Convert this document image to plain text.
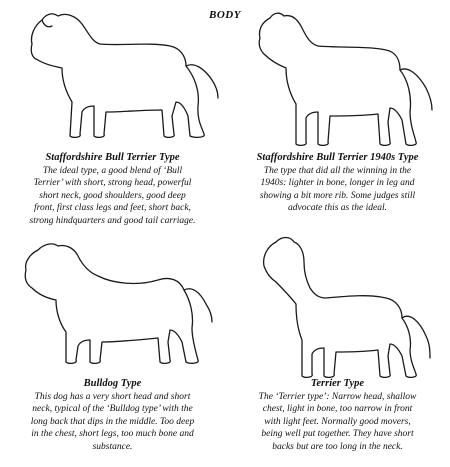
BODY
Staffordshire Bull Terrier Type
The ideal type, a good blend of ‘Bull
Terrier’ with short, strong head, powerful
short neck, good shoulders, good deep
front, first class legs and feet, short back,
strong hindquarters and good tail carriage.
Staffordshire Bull Terrier 1940s Type
The type that did all the winning in the
1940s: lighter in bone, longer in leg and
showing a bit more rib. Some judges still
advocate this as the ideal.
Bulldog Type
This dog has a very short head and short
neck, typical of the ‘Bulldog type’ with the
long back that dips in the middle. Too deep
in the chest, short legs, too much bone and
substance.
Terrier Type
The ‘Terrier type’: Narrow head, shallow
chest, light in bone, too narrow in front
with light feet. Normally good movers,
being well put together. They have short
backs but are too long in the neck.
